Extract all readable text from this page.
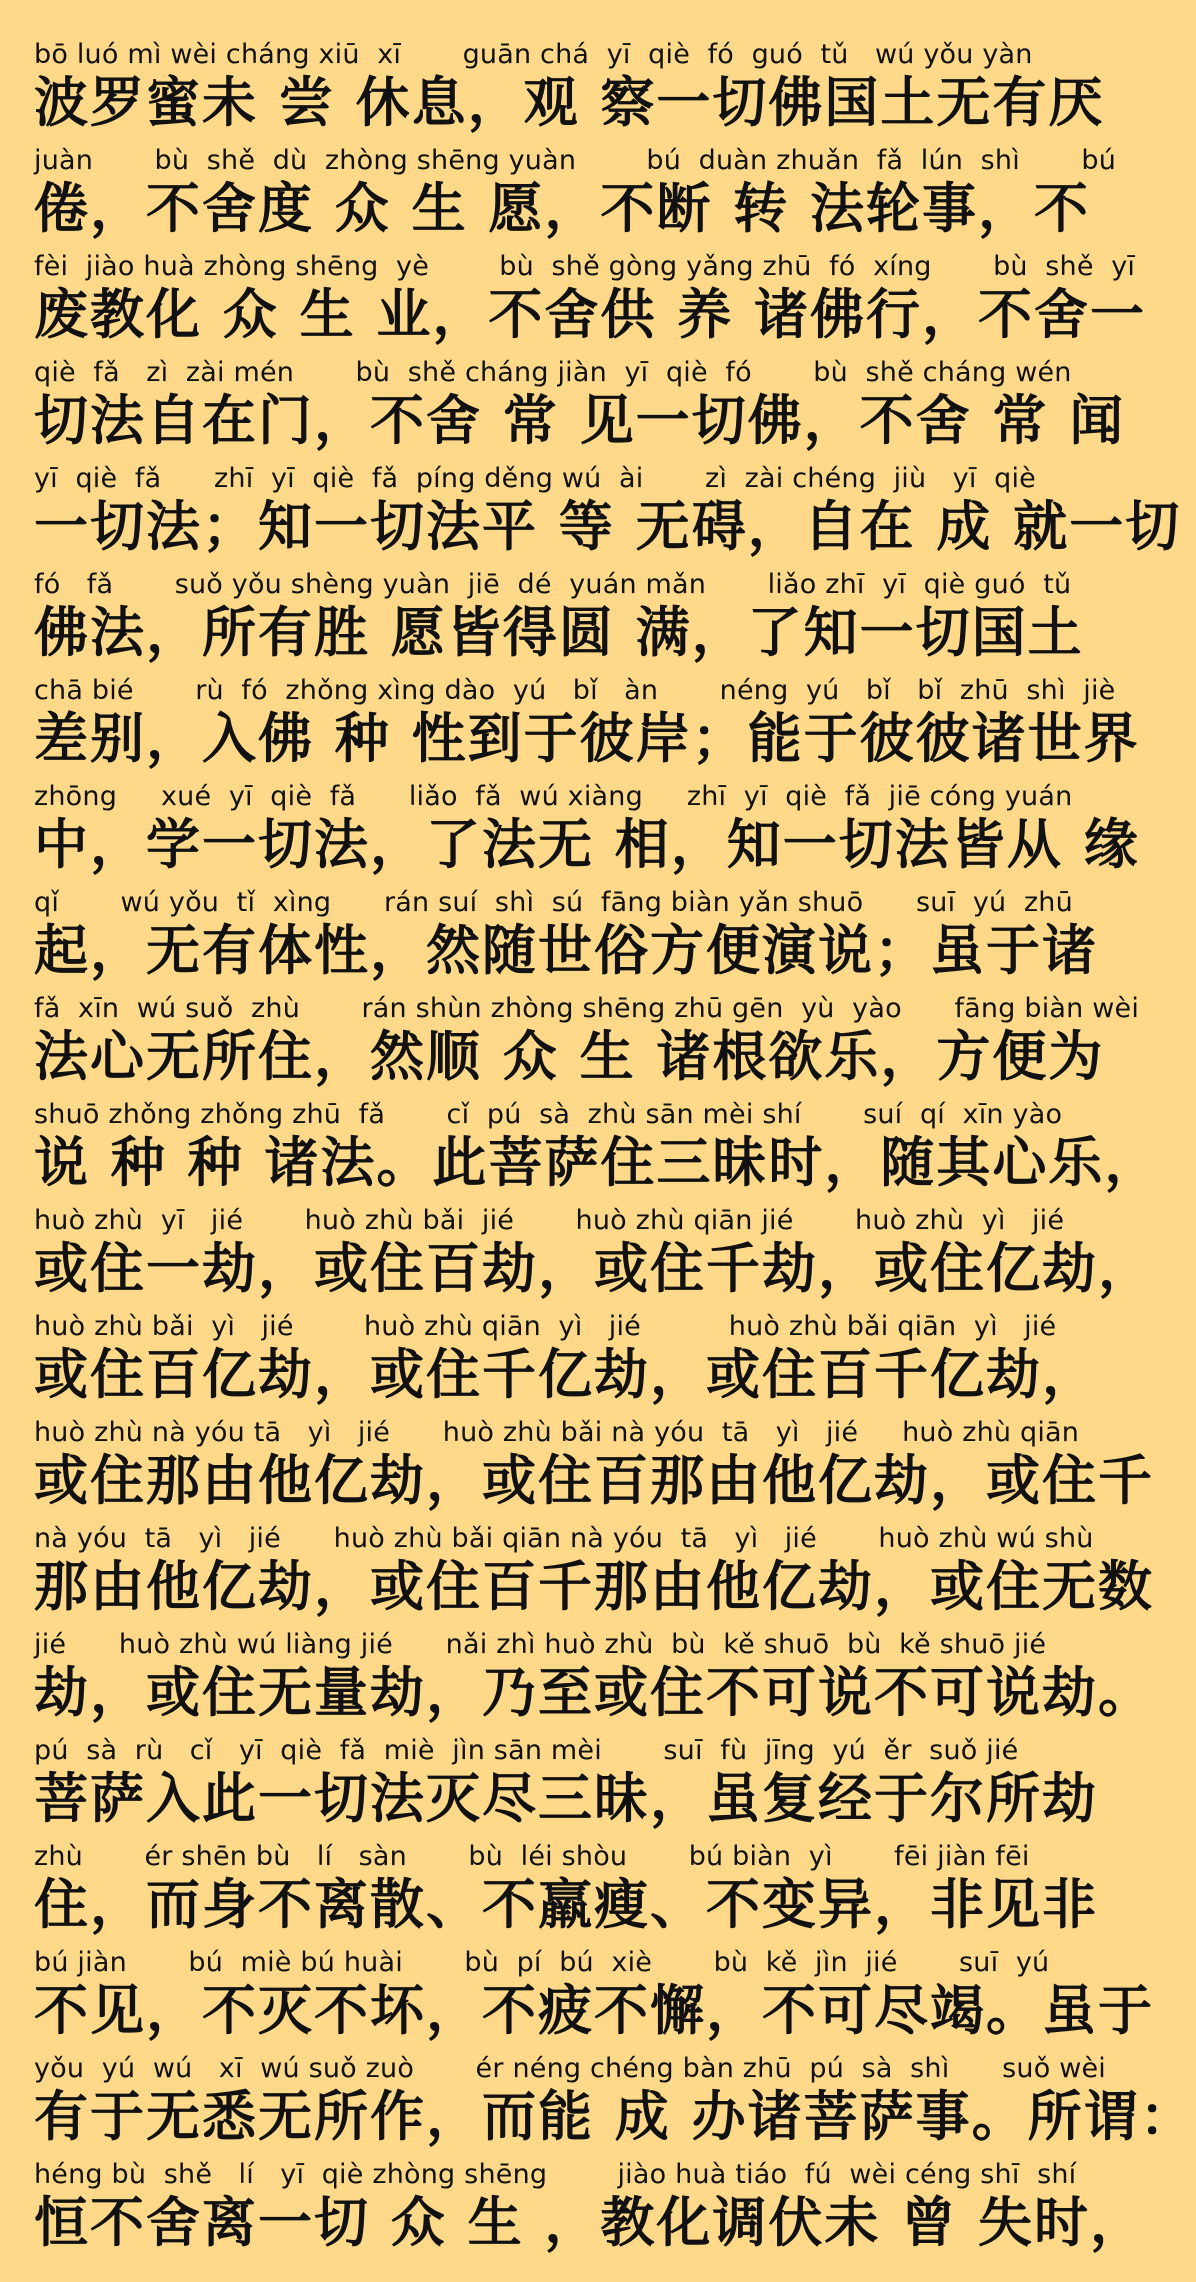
bō luó mì wèi cháng xiū  xī       guān chá  yī  qiè  fó  guó  tǔ   wú yǒu yàn
波罗蜜未 尝 休息，观 察一切佛国土无有厌
juàn       bù  shě  dù  zhòng shēng yuàn        bú  duàn zhuǎn  fǎ  lún  shì       bú
倦，不舍度 众 生 愿，不断 转 法轮事，不
fèi  jiào huà zhòng shēng  yè        bù  shě gòng yǎng zhū  fó  xíng       bù  shě  yī
废教化 众 生 业，不舍供 养 诸佛行，不舍一
qiè  fǎ   zì  zài mén       bù  shě cháng jiàn  yī  qiè  fó       bù  shě cháng wén
切法自在门，不舍 常 见一切佛，不舍 常 闻
yī  qiè  fǎ      zhī  yī  qiè  fǎ  píng děng wú  ài       zì  zài chéng  jiù   yī  qiè
一切法；知一切法平 等 无碍，自在 成 就一切
fó   fǎ       suǒ yǒu shèng yuàn  jiē  dé  yuán mǎn       liǎo zhī  yī  qiè guó  tǔ
佛法，所有胜 愿皆得圆 满，了知一切国土
chā bié       rù  fó  zhǒng xìng dào  yú   bǐ   àn       néng  yú   bǐ   bǐ  zhū  shì  jiè
差别，入佛 种 性到于彼岸；能于彼彼诸世界
zhōng     xué  yī  qiè  fǎ      liǎo  fǎ  wú xiàng     zhī  yī  qiè  fǎ  jiē cóng yuán
中，学一切法，了法无 相，知一切法皆从 缘
qǐ       wú yǒu  tǐ  xìng      rán suí  shì  sú  fāng biàn yǎn shuō      suī  yú  zhū
起，无有体性，然随世俗方便演说；虽于诸
fǎ  xīn  wú suǒ  zhù       rán shùn zhòng shēng zhū gēn  yù  yào      fāng biàn wèi
法心无所住，然顺 众 生 诸根欲乐，方便为
shuō zhǒng zhǒng zhū  fǎ       cǐ  pú  sà  zhù sān mèi shí       suí  qí  xīn yào
说 种 种 诸法。此菩萨住三昧时，随其心乐，
huò zhù  yī   jié       huò zhù bǎi  jié       huò zhù qiān jié       huò zhù  yì   jié
或住一劫，或住百劫，或住千劫，或住亿劫，
huò zhù bǎi  yì   jié        huò zhù qiān  yì   jié          huò zhù bǎi qiān  yì   jié
或住百亿劫，或住千亿劫，或住百千亿劫，
huò zhù nà yóu tā   yì   jié      huò zhù bǎi nà yóu  tā   yì   jié     huò zhù qiān
或住那由他亿劫，或住百那由他亿劫，或住千
nà yóu  tā   yì   jié      huò zhù bǎi qiān nà yóu  tā   yì   jié       huò zhù wú shù
那由他亿劫，或住百千那由他亿劫，或住无数
jié      huò zhù wú liàng jié      nǎi zhì huò zhù  bù  kě shuō  bù  kě shuō jié
劫，或住无量劫，乃至或住不可说不可说劫。
pú  sà  rù   cǐ   yī  qiè  fǎ  miè  jìn sān mèi       suī  fù  jīng  yú  ěr  suǒ jié
菩萨入此一切法灭尽三昧，虽复经于尔所劫
zhù       ér shēn bù   lí   sàn       bù  léi shòu       bú biàn  yì       fēi jiàn fēi
住，而身不离散、不羸瘦、不变异，非见非
bú jiàn       bú  miè bú huài       bù  pí  bú  xiè       bù  kě  jìn  jié       suī  yú
不见，不灭不坏，不疲不懈，不可尽竭。虽于
yǒu  yú  wú   xī  wú suǒ zuò       ér néng chéng bàn zhū  pú  sà  shì      suǒ wèi
有于无悉无所作，而能 成 办诸菩萨事。所谓：
héng bù  shě   lí   yī  qiè zhòng shēng        jiào huà tiáo  fú  wèi céng shī  shí
恒不舍离一切 众 生 ，教化调伏未 曾 失时，
